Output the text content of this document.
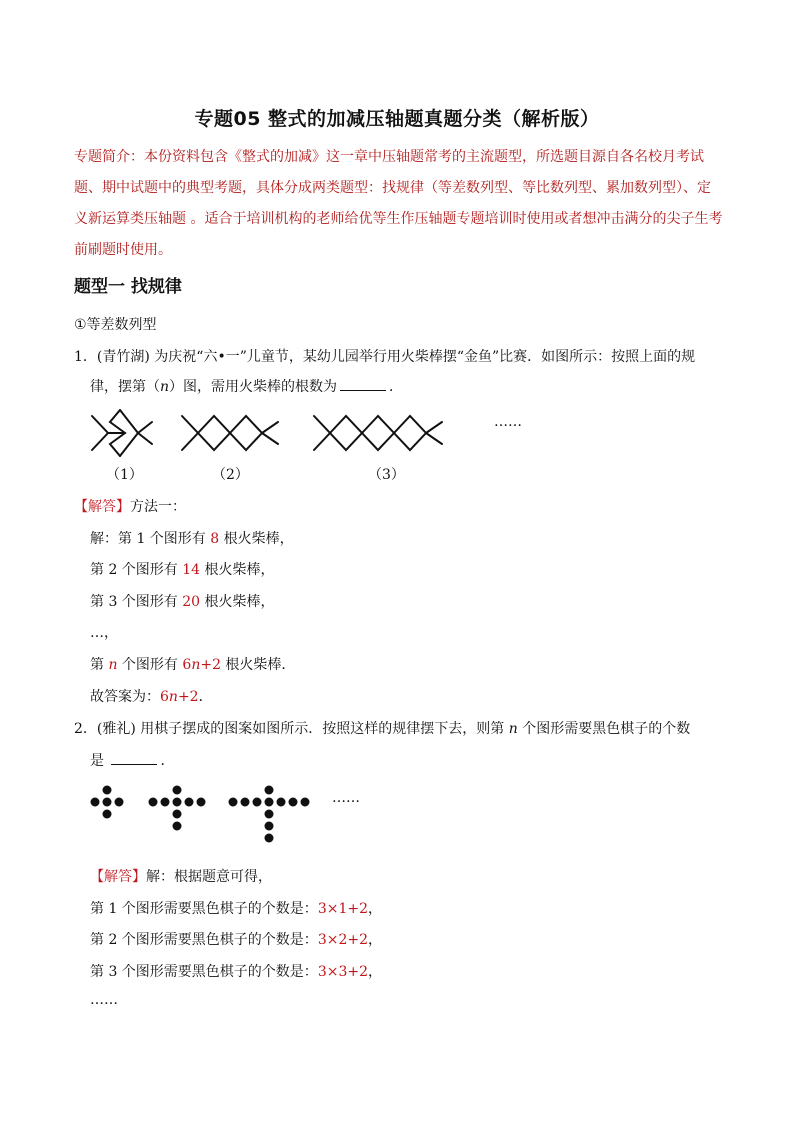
专题05 整式的加减压轴题真题分类（解析版）
专题简介：本份资料包含《整式的加减》这一章中压轴题常考的主流题型，所选题目源自各名校月考试题、期中试题中的典型考题，具体分成两类题型：找规律（等差数列型、等比数列型、累加数列型）、定义新运算类压轴题 。适合于培训机构的老师给优等生作压轴题专题培训时使用或者想冲击满分的尖子生考前刷题时使用。
题型一 找规律
①等差数列型
1．(青竹湖) 为庆祝“六•一”儿童节，某幼儿园举行用火柴棒摆“金鱼”比赛．如图所示：按照上面的规
律，摆第（n）图，需用火柴棒的根数为	．
……
（1）	（2）	（3）
【解答】方法一：
解：第 1 个图形有 8 根火柴棒，
第 2 个图形有 14 根火柴棒，
第 3 个图形有 20 根火柴棒，
…，
第 n 个图形有 6n+2 根火柴棒．
故答案为：6n+2．
2．(雅礼) 用棋子摆成的图案如图所示．按照这样的规律摆下去，则第 n 个图形需要黑色棋子的个数
是	．
……
【解答】解：根据题意可得，
第 1 个图形需要黑色棋子的个数是：3×1+2，
第 2 个图形需要黑色棋子的个数是：3×2+2，
第 3 个图形需要黑色棋子的个数是：3×3+2，
……
